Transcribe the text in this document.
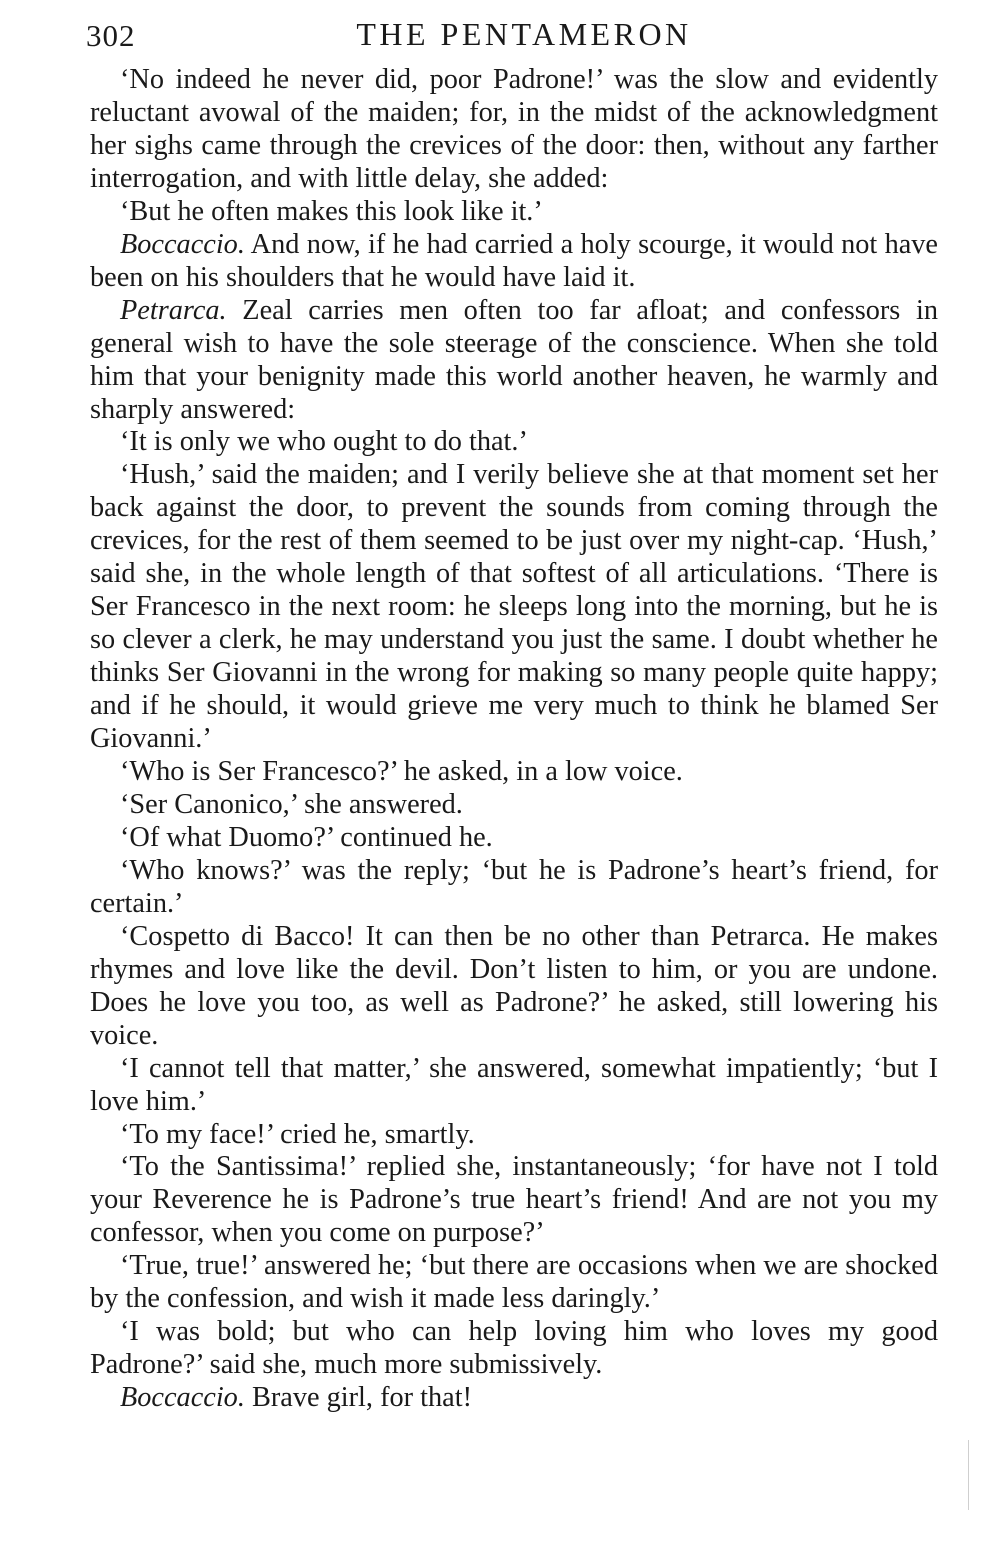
302	THE PENTAMERON

‘No indeed he never did, poor Padrone!’ was the slow and evidently reluctant avowal of the maiden; for, in the midst of the acknowledgment her sighs came through the crevices of the door: then, without any farther interrogation, and with little delay, she added:

‘But he often makes this look like it.’

Boccaccio. And now, if he had carried a holy scourge, it would not have been on his shoulders that he would have laid it.

Petrarca. Zeal carries men often too far afloat; and confessors in general wish to have the sole steerage of the conscience. When she told him that your benignity made this world another heaven, he warmly and sharply answered:

‘It is only we who ought to do that.’

‘Hush,’ said the maiden; and I verily believe she at that moment set her back against the door, to prevent the sounds from coming through the crevices, for the rest of them seemed to be just over my night-cap. ‘Hush,’ said she, in the whole length of that softest of all articulations. ‘There is Ser Francesco in the next room: he sleeps long into the morning, but he is so clever a clerk, he may understand you just the same. I doubt whether he thinks Ser Giovanni in the wrong for making so many people quite happy; and if he should, it would grieve me very much to think he blamed Ser Giovanni.’

‘Who is Ser Francesco?’ he asked, in a low voice.

‘Ser Canonico,’ she answered.

‘Of what Duomo?’ continued he.

‘Who knows?’ was the reply; ‘but he is Padrone’s heart’s friend, for certain.’

‘Cospetto di Bacco! It can then be no other than Petrarca. He makes rhymes and love like the devil. Don’t listen to him, or you are undone. Does he love you too, as well as Padrone?’ he asked, still lowering his voice.

‘I cannot tell that matter,’ she answered, somewhat impatiently; ‘but I love him.’

‘To my face!’ cried he, smartly.

‘To the Santissima!’ replied she, instantaneously; ‘for have not I told your Reverence he is Padrone’s true heart’s friend! And are not you my confessor, when you come on purpose?’

‘True, true!’ answered he; ‘but there are occasions when we are shocked by the confession, and wish it made less daringly.’

‘I was bold; but who can help loving him who loves my good Padrone?’ said she, much more submissively.

Boccaccio. Brave girl, for that!
